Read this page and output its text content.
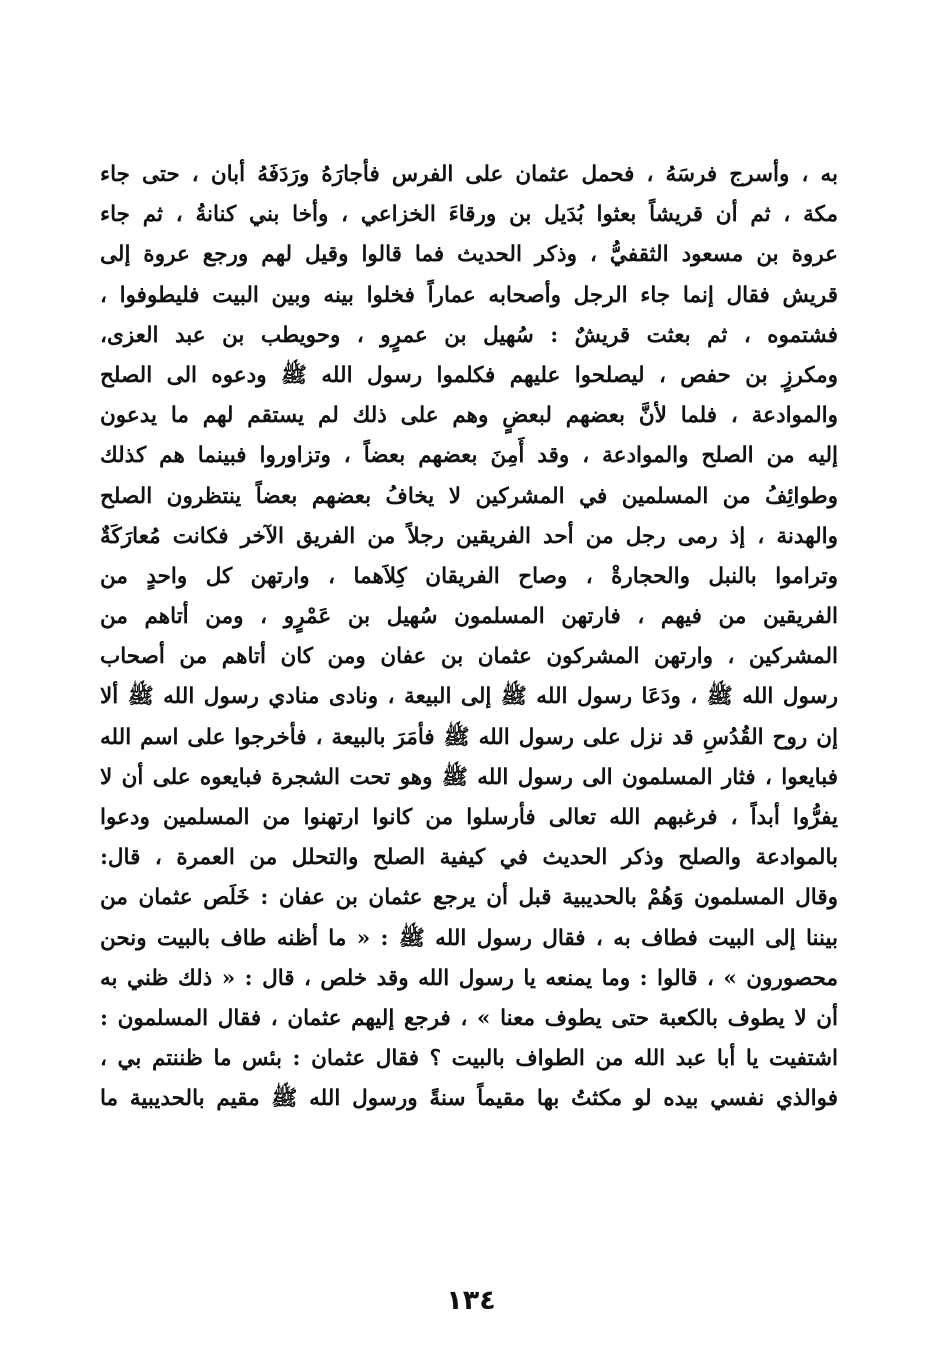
به ، وأسرج فرسَهُ ، فحمل عثمان على الفرس فأجارَهُ ورَدَفَهُ أبان ، حتى جاء
مكة ، ثم أن قريشاً بعثوا بُدَيل بن ورقاءَ الخزاعي ، وأخا بني كنانةُ ، ثم جاء
عروة بن مسعود الثقفيُّ ، وذكر الحديث فما قالوا وقيل لهم ورجع عروة إلى
قريش فقال إنما جاء الرجل وأصحابه عماراً فخلوا بينه وبين البيت فليطوفوا ،
فشتموه ، ثم بعثت قريشٌ : سُهيل بن عمرٍو ، وحويطب بن عبد العزى،
ومكرزٍ بن حفص ، ليصلحوا عليهم فكلموا رسول الله ﷺ ودعوه الى الصلح
والموادعة ، فلما لأنَّ بعضهم لبعضٍ وهم على ذلك لم يستقم لهم ما يدعون
إليه من الصلح والموادعة ، وقد أَمِنَ بعضهم بعضاً ، وتزاوروا فبينما هم كذلك
وطوائِفُ من المسلمين في المشركين لا يخافُ بعضهم بعضاً ينتظرون الصلح
والهدنة ، إذ رمى رجل من أحد الفريقين رجلاً من الفريق الآخر فكانت مُعارَكَةٌ
وتراموا بالنبل والحجارةْ ، وصاح الفريقان كِلاَهما ، وارتهن كل واحدٍ من
الفريقين من فيهم ، فارتهن المسلمون سُهيل بن عَمْرٍو ، ومن أتاهم من
المشركين ، وارتهن المشركون عثمان بن عفان ومن كان أتاهم من أصحاب
رسول الله ﷺ ، ودَعَا رسول الله ﷺ إلى البيعة ، ونادى منادي رسول الله ﷺ ألا
إن روح القُدُسِ قد نزل على رسول الله ﷺ فأمَرَ بالبيعة ، فأخرجوا على اسم الله
فبايعوا ، فثار المسلمون الى رسول الله ﷺ وهو تحت الشجرة فبايعوه على أن لا
يفرُّوا أبداً ، فرغبهم الله تعالى فأرسلوا من كانوا ارتهنوا من المسلمين ودعوا
بالموادعة والصلح وذكر الحديث في كيفية الصلح والتحلل من العمرة ، قال:
وقال المسلمون وَهُمْ بالحديبية قبل أن يرجع عثمان بن عفان : خَلَص عثمان من
بيننا إلى البيت فطاف به ، فقال رسول الله ﷺ : « ما أظنه طاف بالبيت ونحن
محصورون » ، قالوا : وما يمنعه يا رسول الله وقد خلص ، قال : « ذلك ظني به
أن لا يطوف بالكعبة حتى يطوف معنا » ، فرجع إليهم عثمان ، فقال المسلمون :
اشتفيت يا أبا عبد الله من الطواف بالبيت ؟ فقال عثمان : بئس ما ظننتم بي ،
فوالذي نفسي بيده لو مكثتُ بها مقيماً سنةً ورسول الله ﷺ مقيم بالحديبية ما
١٣٤
